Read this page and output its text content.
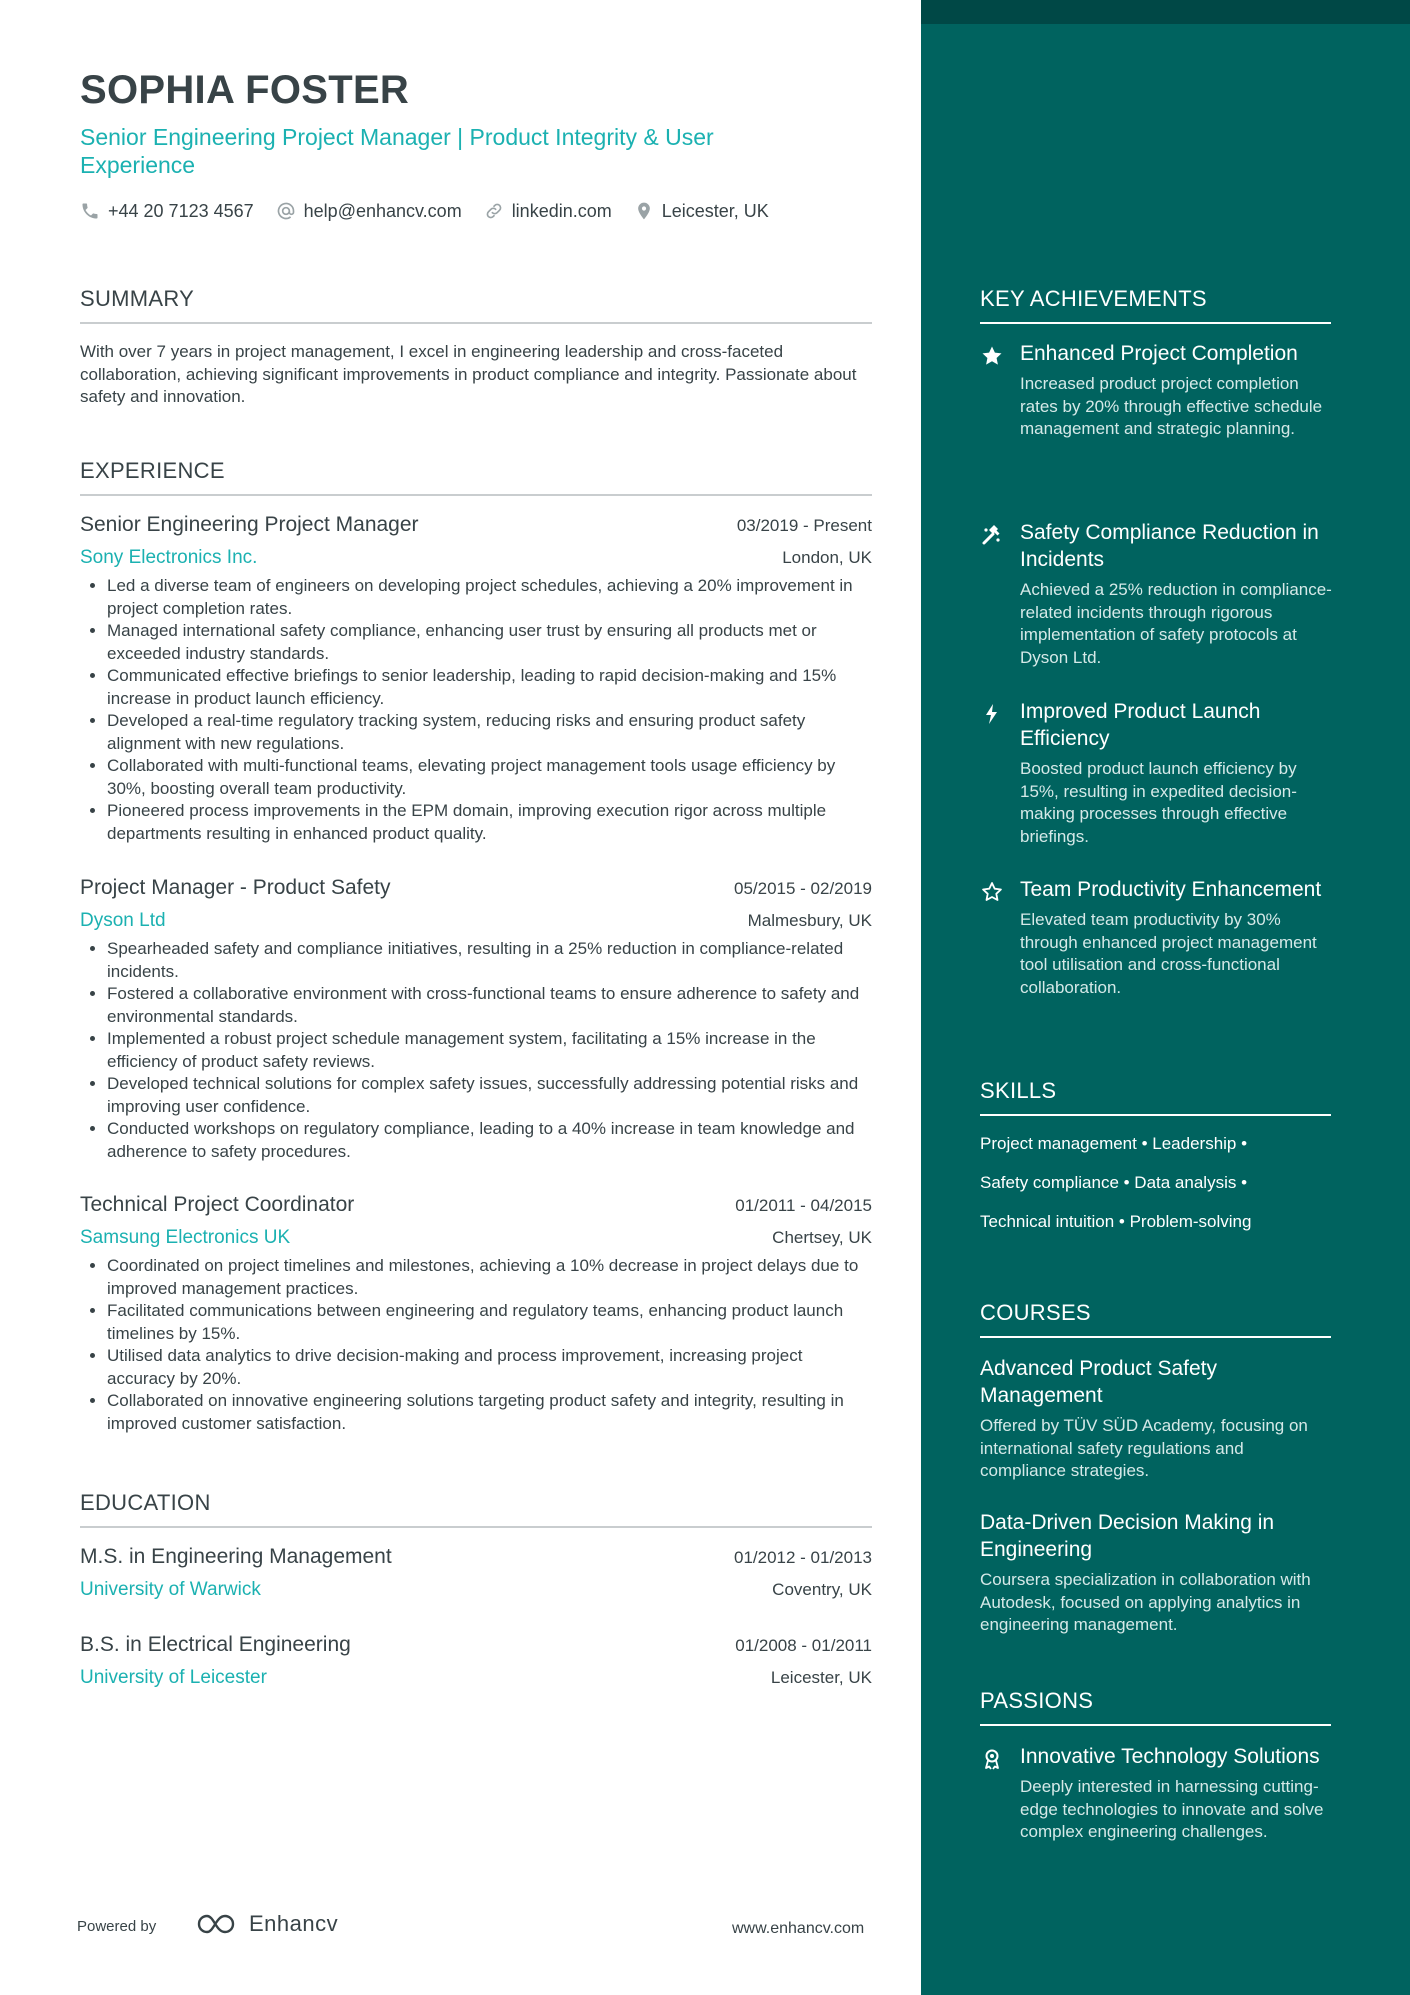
SOPHIA FOSTER
Senior Engineering Project Manager | Product Integrity & User Experience
+44 20 7123 4567	help@enhancv.com	linkedin.com	Leicester, UK
SUMMARY
With over 7 years in project management, I excel in engineering leadership and cross-faceted collaboration, achieving significant improvements in product compliance and integrity. Passionate about safety and innovation.
EXPERIENCE
Senior Engineering Project Manager	03/2019 - Present
Sony Electronics Inc.	London, UK
• Led a diverse team of engineers on developing project schedules, achieving a 20% improvement in project completion rates.
• Managed international safety compliance, enhancing user trust by ensuring all products met or exceeded industry standards.
• Communicated effective briefings to senior leadership, leading to rapid decision-making and 15% increase in product launch efficiency.
• Developed a real-time regulatory tracking system, reducing risks and ensuring product safety alignment with new regulations.
• Collaborated with multi-functional teams, elevating project management tools usage efficiency by 30%, boosting overall team productivity.
• Pioneered process improvements in the EPM domain, improving execution rigor across multiple departments resulting in enhanced product quality.
Project Manager - Product Safety	05/2015 - 02/2019
Dyson Ltd	Malmesbury, UK
• Spearheaded safety and compliance initiatives, resulting in a 25% reduction in compliance-related incidents.
• Fostered a collaborative environment with cross-functional teams to ensure adherence to safety and environmental standards.
• Implemented a robust project schedule management system, facilitating a 15% increase in the efficiency of product safety reviews.
• Developed technical solutions for complex safety issues, successfully addressing potential risks and improving user confidence.
• Conducted workshops on regulatory compliance, leading to a 40% increase in team knowledge and adherence to safety procedures.
Technical Project Coordinator	01/2011 - 04/2015
Samsung Electronics UK	Chertsey, UK
• Coordinated on project timelines and milestones, achieving a 10% decrease in project delays due to improved management practices.
• Facilitated communications between engineering and regulatory teams, enhancing product launch timelines by 15%.
• Utilised data analytics to drive decision-making and process improvement, increasing project accuracy by 20%.
• Collaborated on innovative engineering solutions targeting product safety and integrity, resulting in improved customer satisfaction.
EDUCATION
M.S. in Engineering Management	01/2012 - 01/2013
University of Warwick	Coventry, UK
B.S. in Electrical Engineering	01/2008 - 01/2011
University of Leicester	Leicester, UK
Powered by	Enhancv	www.enhancv.com
KEY ACHIEVEMENTS
Enhanced Project Completion
Increased product project completion rates by 20% through effective schedule management and strategic planning.
Safety Compliance Reduction in Incidents
Achieved a 25% reduction in compliance-related incidents through rigorous implementation of safety protocols at Dyson Ltd.
Improved Product Launch Efficiency
Boosted product launch efficiency by 15%, resulting in expedited decision-making processes through effective briefings.
Team Productivity Enhancement
Elevated team productivity by 30% through enhanced project management tool utilisation and cross-functional collaboration.
SKILLS
Project management • Leadership •
Safety compliance • Data analysis •
Technical intuition • Problem-solving
COURSES
Advanced Product Safety Management
Offered by TÜV SÜD Academy, focusing on international safety regulations and compliance strategies.
Data-Driven Decision Making in Engineering
Coursera specialization in collaboration with Autodesk, focused on applying analytics in engineering management.
PASSIONS
Innovative Technology Solutions
Deeply interested in harnessing cutting-edge technologies to innovate and solve complex engineering challenges.
